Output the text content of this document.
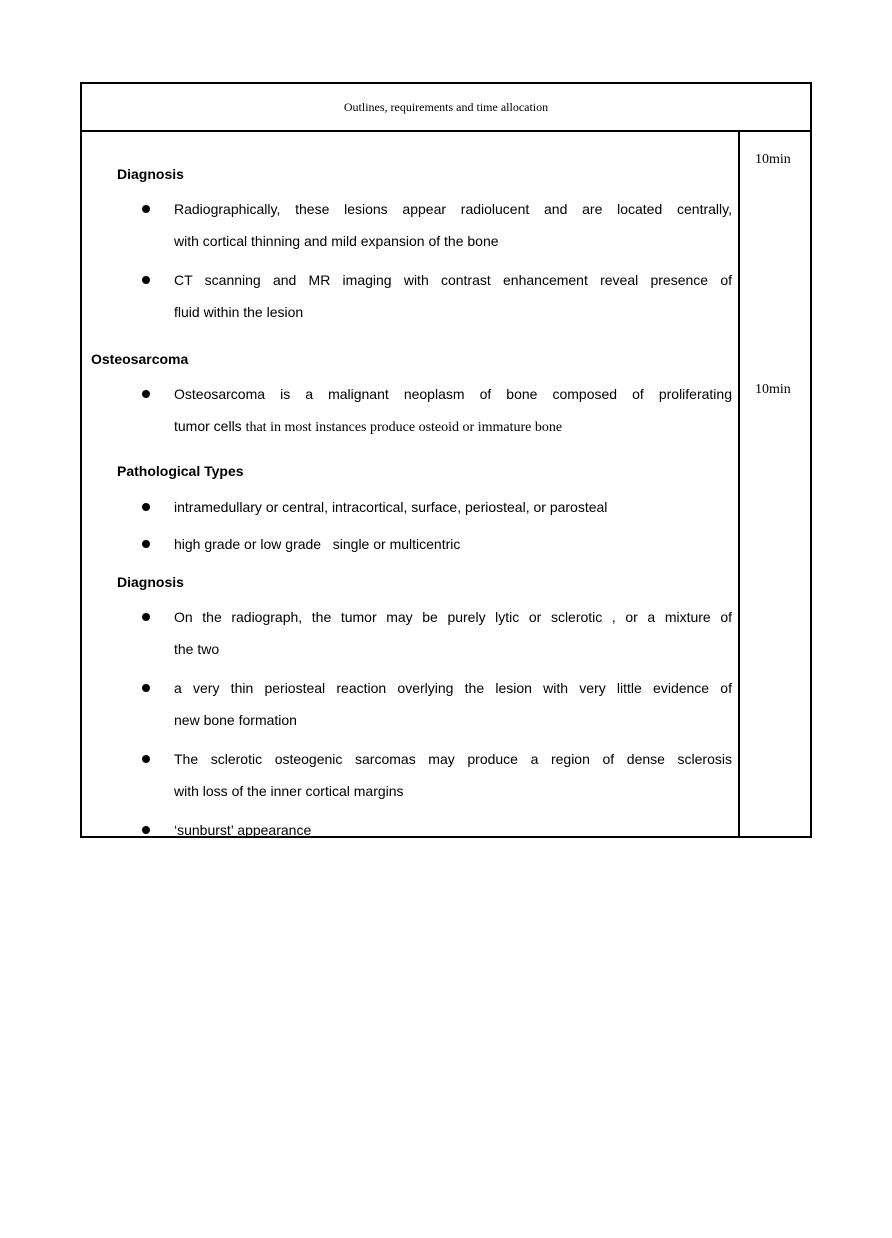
Outlines, requirements and time allocation
Diagnosis
Radiographically, these lesions appear radiolucent and are located centrally,
with cortical thinning and mild expansion of the bone
CT scanning and MR imaging with contrast enhancement reveal presence of
fluid within the lesion
Osteosarcoma
Osteosarcoma is a malignant neoplasm of bone composed of proliferating
tumor cells that in most instances produce osteoid or immature bone
Pathological Types
intramedullary or central, intracortical, surface, periosteal, or parosteal
high grade or low grade   single or multicentric
Diagnosis
On the radiograph, the tumor may be purely lytic or sclerotic , or a mixture of
the two
a very thin periosteal reaction overlying the lesion with very little evidence of
new bone formation
The sclerotic osteogenic sarcomas may produce a region of dense sclerosis
with loss of the inner cortical margins
‘sunburst’ appearance
10min
10min
